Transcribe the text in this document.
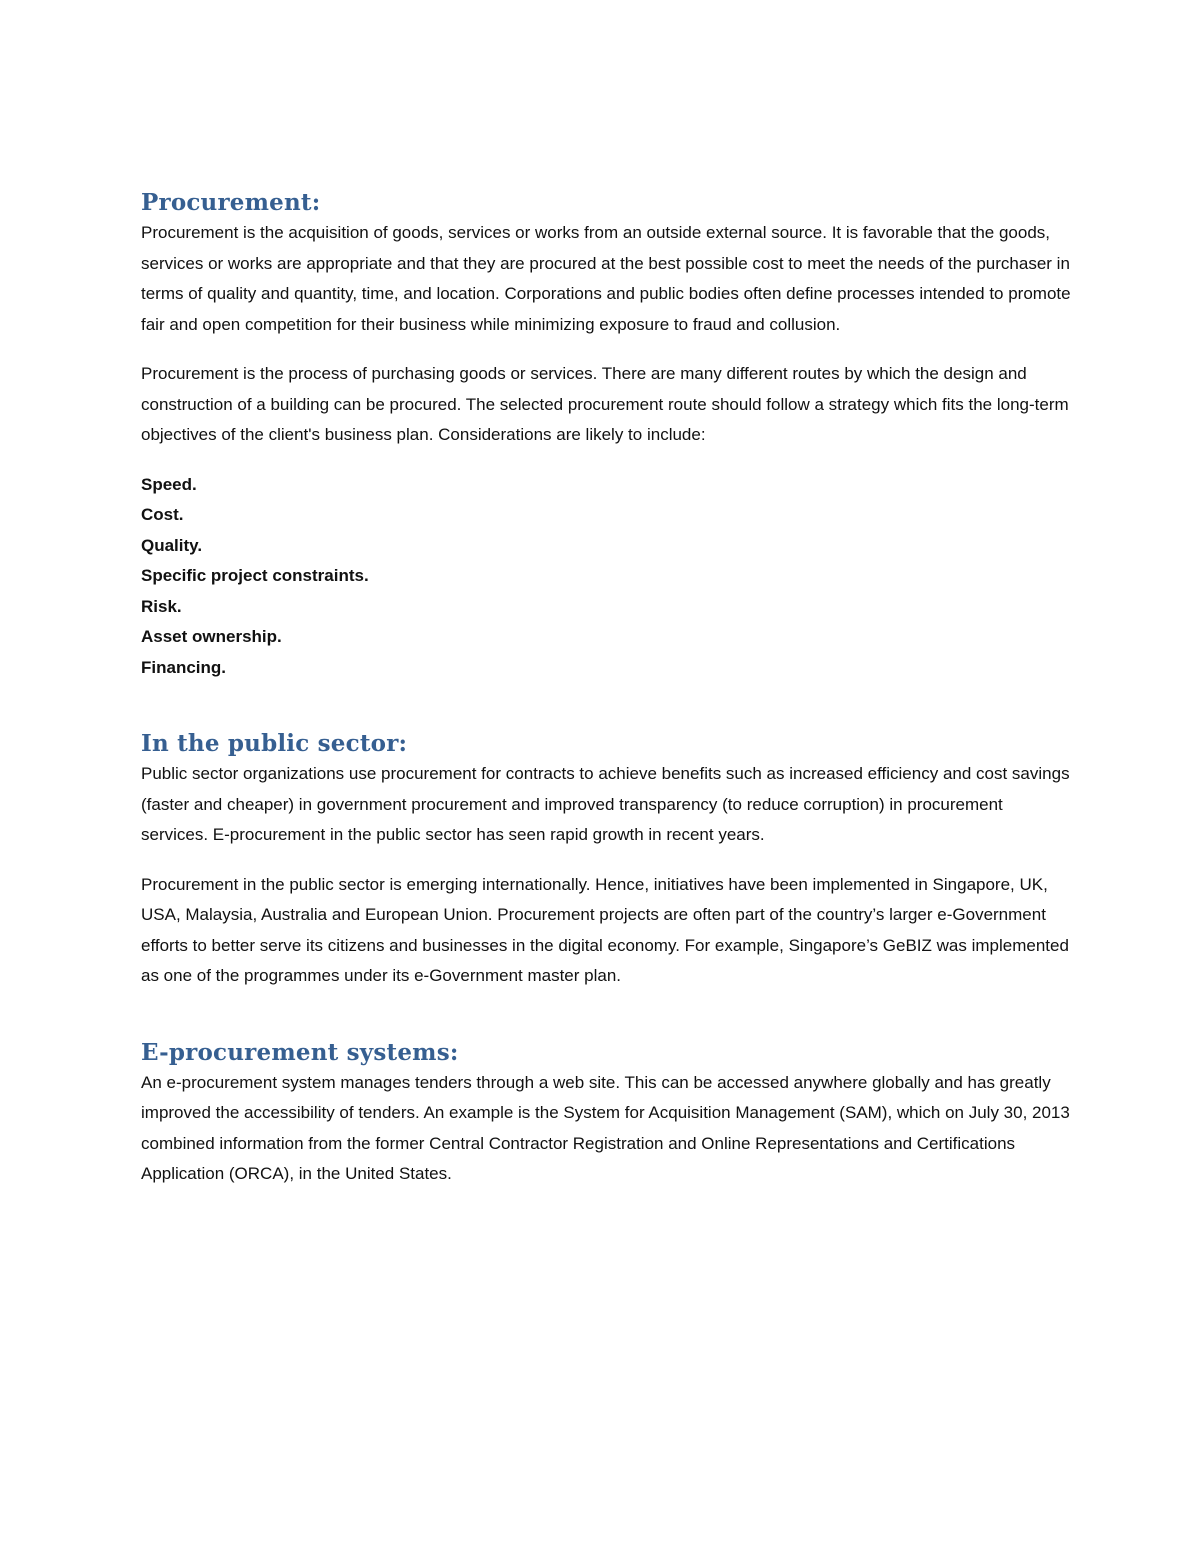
Procurement:

Procurement is the acquisition of goods, services or works from an outside external source. It is favorable that the goods, services or works are appropriate and that they are procured at the best possible cost to meet the needs of the purchaser in terms of quality and quantity, time, and location. Corporations and public bodies often define processes intended to promote fair and open competition for their business while minimizing exposure to fraud and collusion.

Procurement is the process of purchasing goods or services. There are many different routes by which the design and construction of a building can be procured. The selected procurement route should follow a strategy which fits the long-term objectives of the client's business plan. Considerations are likely to include:

Speed.
Cost.
Quality.
Specific project constraints.
Risk.
Asset ownership.
Financing.
In the public sector:

Public sector organizations use procurement for contracts to achieve benefits such as increased efficiency and cost savings (faster and cheaper) in government procurement and improved transparency (to reduce corruption) in procurement services. E-procurement in the public sector has seen rapid growth in recent years.

Procurement in the public sector is emerging internationally. Hence, initiatives have been implemented in Singapore, UK, USA, Malaysia, Australia and European Union. Procurement projects are often part of the country’s larger e-Government efforts to better serve its citizens and businesses in the digital economy. For example, Singapore’s GeBIZ was implemented as one of the programmes under its e-Government master plan.

E-procurement systems:

An e-procurement system manages tenders through a web site. This can be accessed anywhere globally and has greatly improved the accessibility of tenders. An example is the System for Acquisition Management (SAM), which on July 30, 2013 combined information from the former Central Contractor Registration and Online Representations and Certifications Application (ORCA), in the United States.
